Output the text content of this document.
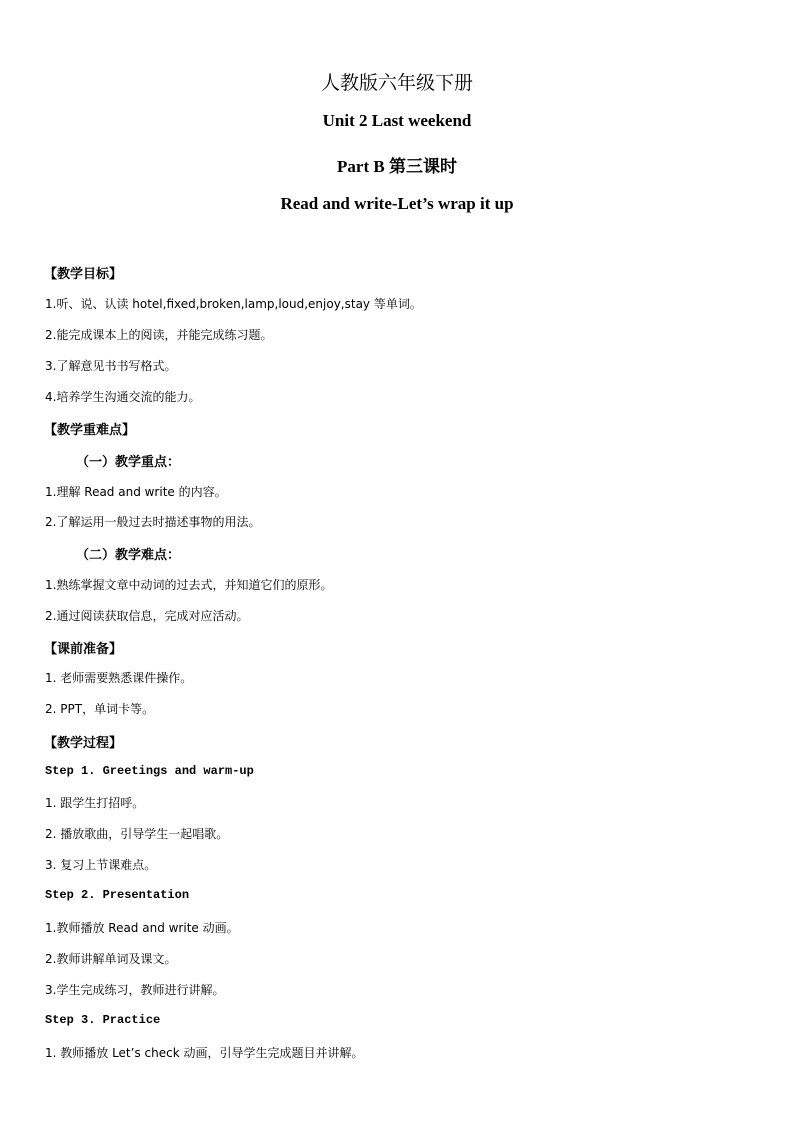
人教版六年级下册
Unit 2 Last weekend
Part B 第三课时
Read and write-Let’s wrap it up
【教学目标】
1.听、说、认读 hotel,fixed,broken,lamp,loud,enjoy,stay 等单词。
2.能完成课本上的阅读，并能完成练习题。
3.了解意见书书写格式。
4.培养学生沟通交流的能力。
【教学重难点】
（一）教学重点：
1.理解 Read and write 的内容。
2.了解运用一般过去时描述事物的用法。
（二）教学难点：
1.熟练掌握文章中动词的过去式，并知道它们的原形。
2.通过阅读获取信息，完成对应活动。
【课前准备】
1. 老师需要熟悉课件操作。
2. PPT，单词卡等。
【教学过程】
Step 1. Greetings and warm-up
1. 跟学生打招呼。
2. 播放歌曲，引导学生一起唱歌。
3. 复习上节课难点。
Step 2. Presentation
1.教师播放 Read and write 动画。
2.教师讲解单词及课文。
3.学生完成练习，教师进行讲解。
Step 3. Practice
1. 教师播放 Let’s check 动画，引导学生完成题目并讲解。
